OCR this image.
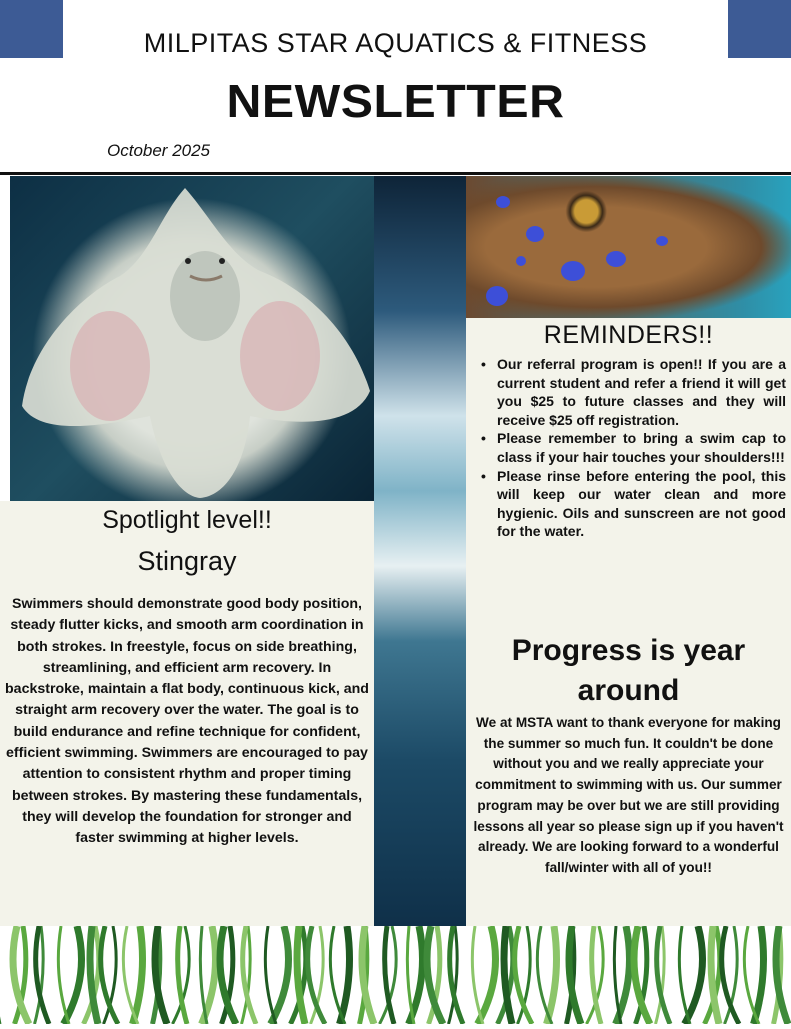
MILPITAS STAR AQUATICS & FITNESS
NEWSLETTER
October 2025
Spotlight level!!
Stingray
Swimmers should demonstrate good body position, steady flutter kicks, and smooth arm coordination in both strokes. In freestyle, focus on side breathing, streamlining, and efficient arm recovery. In backstroke, maintain a flat body, continuous kick, and straight arm recovery over the water. The goal is to build endurance and refine technique for confident, efficient swimming. Swimmers are encouraged to pay attention to consistent rhythm and proper timing between strokes. By mastering these fundamentals, they will develop the foundation for stronger and faster swimming at higher levels.
REMINDERS!!
• Our referral program is open!! If you are a current student and refer a friend it will get you $25 to future classes and they will receive $25 off registration.
• Please remember to bring a swim cap to class if your hair touches your shoulders!!!
• Please rinse before entering the pool, this will keep our water clean and more hygienic. Oils and sunscreen are not good for the water.
Progress is year around
We at MSTA want to thank everyone for making the summer so much fun. It couldn't be done without you and we really appreciate your commitment to swimming with us. Our summer program may be over but we are still providing lessons all year so please sign up if you haven't already. We are looking forward to a wonderful fall/winter with all of you!!
